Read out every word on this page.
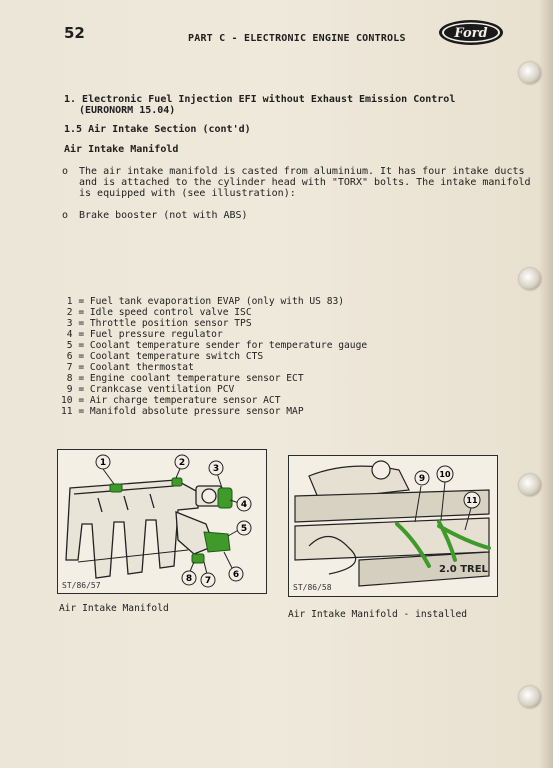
52	PART C - ELECTRONIC ENGINE CONTROLS	Ford
1. Electronic Fuel Injection EFI without Exhaust Emission Control
(EURONORM 15.04)
1.5 Air Intake Section (cont'd)
Air Intake Manifold
o The air intake manifold is casted from aluminium. It has four intake ducts
and is attached to the cylinder head with "TORX" bolts. The intake manifold
is equipped with (see illustration):
o Brake booster (not with ABS)
1 = Fuel tank evaporation EVAP (only with US 83)
2 = Idle speed control valve ISC
3 = Throttle position sensor TPS
4 = Fuel pressure regulator
5 = Coolant temperature sender for temperature gauge
6 = Coolant temperature switch CTS
7 = Coolant thermostat
8 = Engine coolant temperature sensor ECT
9 = Crankcase ventilation PCV
10 = Air charge temperature sensor ACT
11 = Manifold absolute pressure sensor MAP
1	2
3
4
5
6
7
8
ST/86/57
Air Intake Manifold
2.0 TREL
9 10
11
ST/86/58
Air Intake Manifold - installed
